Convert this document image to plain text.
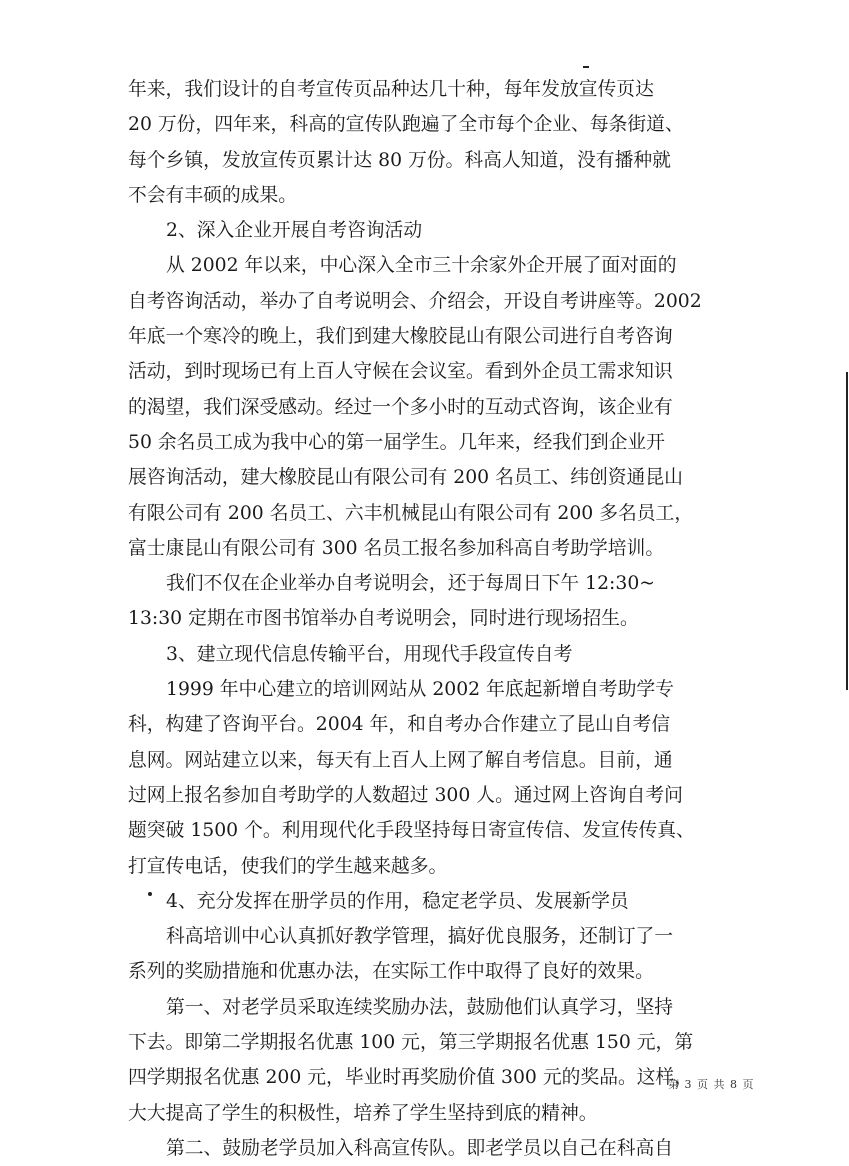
年来，我们设计的自考宣传页品种达几十种，每年发放宣传页达
20 万份，四年来，科高的宣传队跑遍了全市每个企业、每条街道、
每个乡镇，发放宣传页累计达 80 万份。科高人知道，没有播种就
不会有丰硕的成果。
2、深入企业开展自考咨询活动
从 2002 年以来，中心深入全市三十余家外企开展了面对面的
自考咨询活动，举办了自考说明会、介绍会，开设自考讲座等。2002
年底一个寒冷的晚上，我们到建大橡胶昆山有限公司进行自考咨询
活动，到时现场已有上百人守候在会议室。看到外企员工需求知识
的渴望，我们深受感动。经过一个多小时的互动式咨询，该企业有
50 余名员工成为我中心的第一届学生。几年来，经我们到企业开
展咨询活动，建大橡胶昆山有限公司有 200 名员工、纬创资通昆山
有限公司有 200 名员工、六丰机械昆山有限公司有 200 多名员工，
富士康昆山有限公司有 300 名员工报名参加科高自考助学培训。
我们不仅在企业举办自考说明会，还于每周日下午 12:30~
13:30 定期在市图书馆举办自考说明会，同时进行现场招生。
3、建立现代信息传输平台，用现代手段宣传自考
1999 年中心建立的培训网站从 2002 年底起新增自考助学专
科，构建了咨询平台。2004 年，和自考办合作建立了昆山自考信
息网。网站建立以来，每天有上百人上网了解自考信息。目前，通
过网上报名参加自考助学的人数超过 300 人。通过网上咨询自考问
题突破 1500 个。利用现代化手段坚持每日寄宣传信、发宣传传真、
打宣传电话，使我们的学生越来越多。
4、充分发挥在册学员的作用，稳定老学员、发展新学员
科高培训中心认真抓好教学管理，搞好优良服务，还制订了一
系列的奖励措施和优惠办法，在实际工作中取得了良好的效果。
第一、对老学员采取连续奖励办法，鼓励他们认真学习，坚持
下去。即第二学期报名优惠 100 元，第三学期报名优惠 150 元，第
四学期报名优惠 200 元，毕业时再奖励价值 300 元的奖品。这样，
大大提高了学生的积极性，培养了学生坚持到底的精神。
第二、鼓励老学员加入科高宣传队。即老学员以自己在科高自
第 3 页 共 8 页
